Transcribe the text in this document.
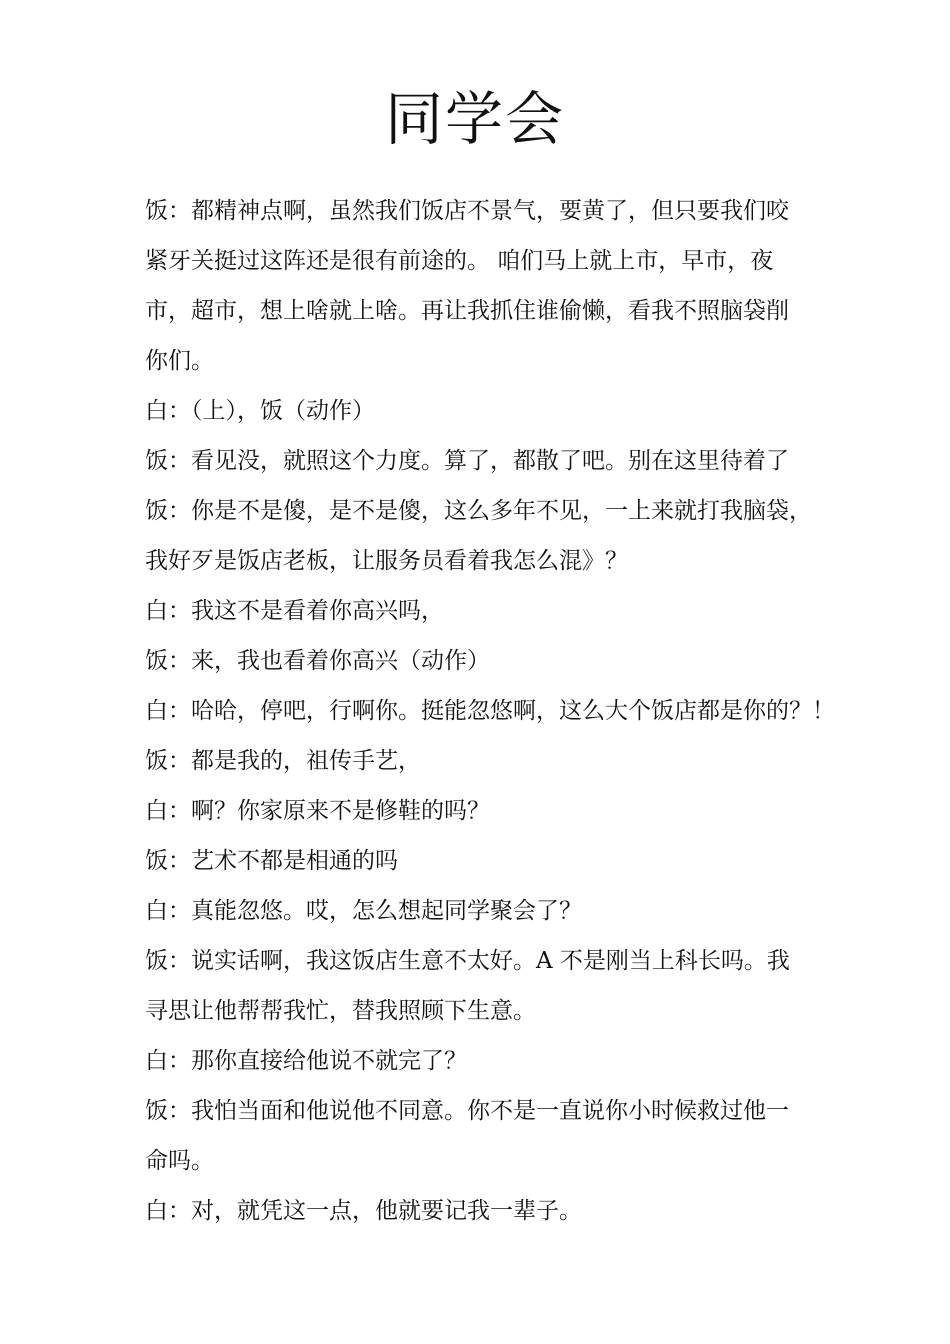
同学会

饭：都精神点啊，虽然我们饭店不景气，要黄了，但只要我们咬

紧牙关挺过这阵还是很有前途的。 咱们马上就上市，早市，夜

市，超市，想上啥就上啥。再让我抓住谁偷懒，看我不照脑袋削

你们。

白：（上），饭（动作）

饭：看见没，就照这个力度。算了，都散了吧。别在这里待着了

饭：你是不是傻，是不是傻，这么多年不见，一上来就打我脑袋，

我好歹是饭店老板，让服务员看着我怎么混》？

白：我这不是看着你高兴吗，

饭：来，我也看着你高兴（动作）

白：哈哈，停吧，行啊你。挺能忽悠啊，这么大个饭店都是你的？！

饭：都是我的，祖传手艺，

白：啊？你家原来不是修鞋的吗？

饭：艺术不都是相通的吗

白：真能忽悠。哎，怎么想起同学聚会了？

饭：说实话啊，我这饭店生意不太好。A 不是刚当上科长吗。我

寻思让他帮帮我忙，替我照顾下生意。

白：那你直接给他说不就完了？

饭：我怕当面和他说他不同意。你不是一直说你小时候救过他一

命吗。

白：对，就凭这一点，他就要记我一辈子。
